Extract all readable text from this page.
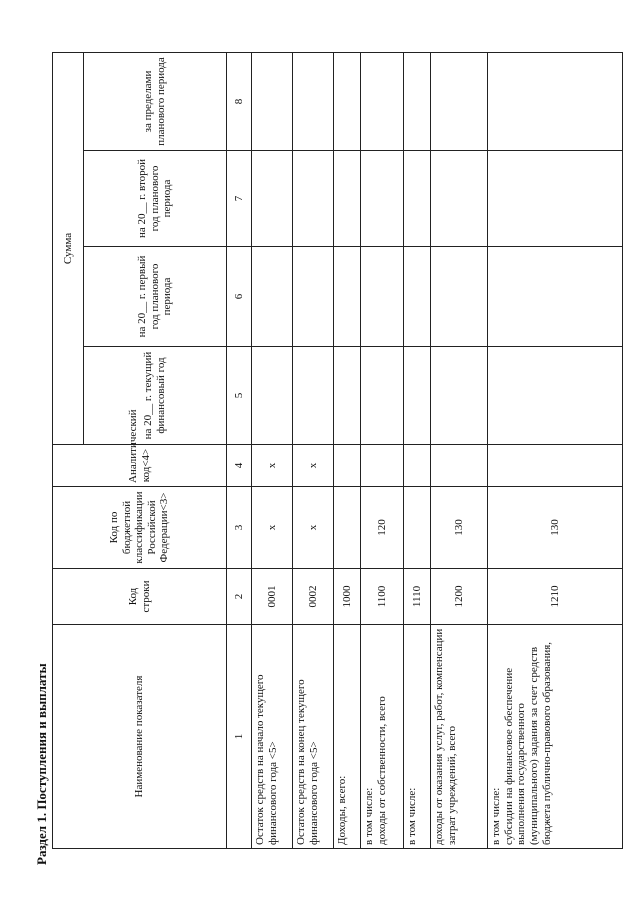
Раздел 1. Поступления и выплаты	Наименование показателя	Код строки	Код по бюджетной классификации Российской Федерации<3>	Аналитический код<4>	Сумма			
				на 20__ г. текущий финансовый год	на 20__ г. первый год планового периода	на 20__ г. второй год планового периода	за пределами планового периода
1	2	3	4	5	6	7	8
Остаток средств на начало текущего финансового года <5>	0001	x	x				
Остаток средств на конец текущего финансового года <5>	0002	x	x				
Доходы, всего:	1000						
в том числе:
доходы от собственности, всего	1100	120					
в том числе:	1110						
доходы от оказания услуг, работ, компенсации затрат учреждений, всего	1200	130					
в том числе:
субсидии на финансовое обеспечение выполнения государственного (муниципального) задания за счет средств бюджета публично-правового образования,	1210	130					
